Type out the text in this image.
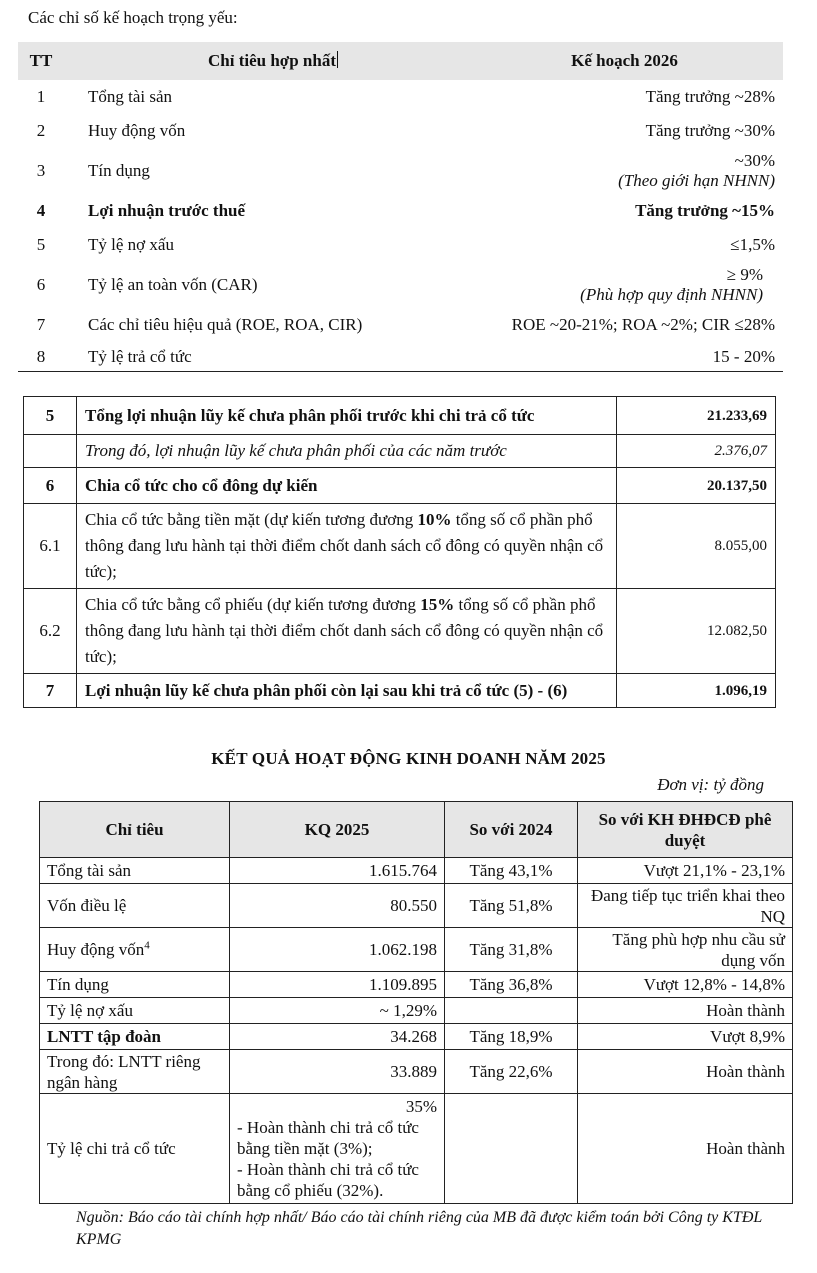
Các chỉ số kế hoạch trọng yếu:
TT	Chỉ tiêu hợp nhất	Kế hoạch 2026
1	Tổng tài sản	Tăng trưởng ~28%
2	Huy động vốn	Tăng trưởng ~30%
3	Tín dụng	~30%
(Theo giới hạn NHNN)

4	Lợi nhuận trước thuế	Tăng trưởng ~15%
5	Tỷ lệ nợ xấu	≤1,5%
6	Tỷ lệ an toàn vốn (CAR)	≥ 9%
(Phù hợp quy định NHNN)

7	Các chỉ tiêu hiệu quả (ROE, ROA, CIR)	ROE ~20-21%; ROA ~2%; CIR ≤28%
8	Tỷ lệ trả cổ tức	15 - 20%
5	Tổng lợi nhuận lũy kế chưa phân phối trước khi chi trả cổ tức	21.233,69
	Trong đó, lợi nhuận lũy kế chưa phân phối của các năm trước	2.376,07
6	Chia cổ tức cho cổ đông dự kiến	20.137,50
6.1	Chia cổ tức bằng tiền mặt (dự kiến tương đương 10% tổng số cổ phần phổ thông đang lưu hành tại thời điểm chốt danh sách cổ đông có quyền nhận cổ tức);	8.055,00
6.2	Chia cổ tức bằng cổ phiếu (dự kiến tương đương 15% tổng số cổ phần phổ thông đang lưu hành tại thời điểm chốt danh sách cổ đông có quyền nhận cổ tức);	12.082,50
7	Lợi nhuận lũy kế chưa phân phối còn lại sau khi trả cổ tức (5) - (6)	1.096,19
KẾT QUẢ HOẠT ĐỘNG KINH DOANH NĂM 2025
Đơn vị: tỷ đồng
Chỉ tiêu	KQ 2025	So với 2024	So với KH ĐHĐCĐ phê duyệt
Tổng tài sản	1.615.764	Tăng 43,1%	Vượt 21,1% - 23,1%
Vốn điều lệ	80.550	Tăng 51,8%	Đang tiếp tục triển khai theo NQ
Huy động vốn$^4$	1.062.198	Tăng 31,8%	Tăng phù hợp nhu cầu sử dụng vốn
Tín dụng	1.109.895	Tăng 36,8%	Vượt 12,8% - 14,8%
Tỷ lệ nợ xấu	~ 1,29%		Hoàn thành
LNTT tập đoàn	34.268	Tăng 18,9%	Vượt 8,9%
Trong đó: LNTT riêng ngân hàng	33.889	Tăng 22,6%	Hoàn thành
Tỷ lệ chi trả cổ tức	35%
- Hoàn thành chi trả cổ tức bằng tiền mặt (3%);
- Hoàn thành chi trả cổ tức bằng cổ phiếu (32%).		Hoàn thành
Nguồn: Báo cáo tài chính hợp nhất/ Báo cáo tài chính riêng của MB đã được kiểm toán bởi Công ty KTĐL KPMG
